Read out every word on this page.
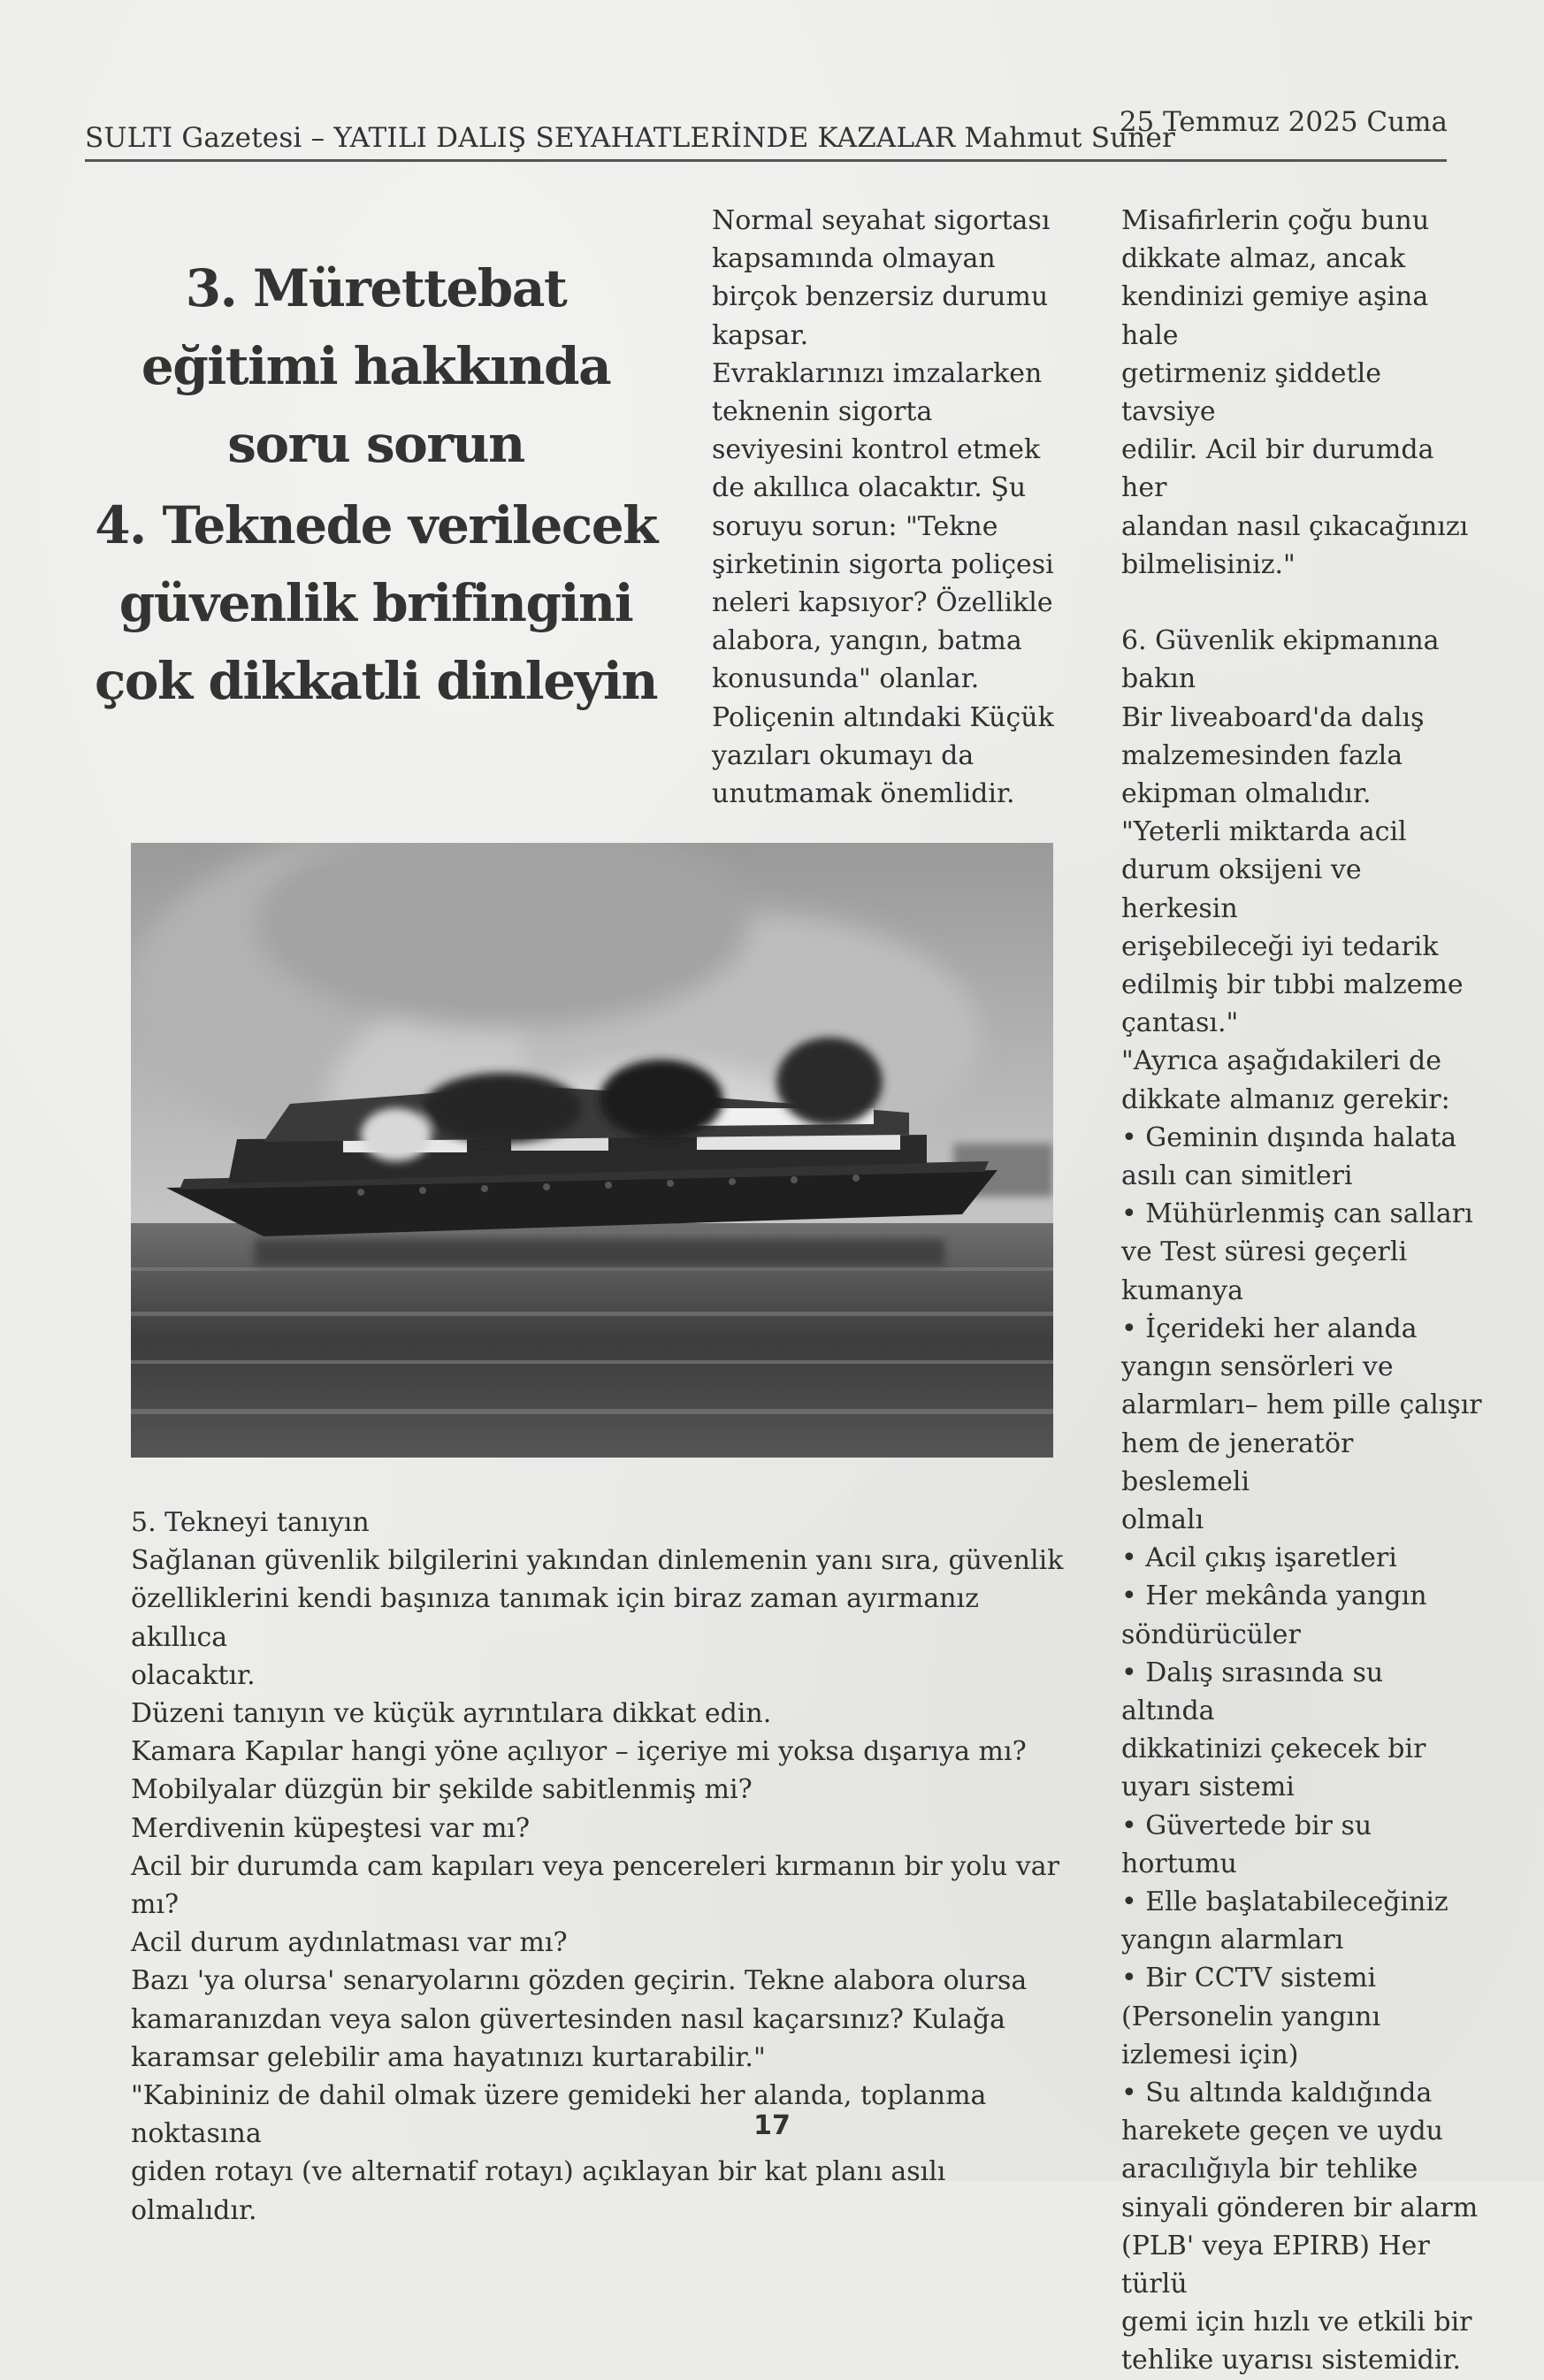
SULTI Gazetesi – YATILI DALIŞ SEYAHATLERİNDE KAZALAR Mahmut Suner
25 Temmuz 2025 Cuma
3. Mürettebat eğitimi hakkında soru sorun
4. Teknede verilecek güvenlik brifingini çok dikkatli dinleyin
Normal seyahat sigortası
kapsamında olmayan
birçok benzersiz durumu
kapsar.
Evraklarınızı imzalarken
teknenin sigorta
seviyesini kontrol etmek
de akıllıca olacaktır. Şu
soruyu sorun: "Tekne
şirketinin sigorta poliçesi
neleri kapsıyor? Özellikle
alabora, yangın, batma
konusunda" olanlar.
Poliçenin altındaki Küçük
yazıları okumayı da
unutmamak önemlidir.
Misafirlerin çoğu bunu
dikkate almaz, ancak
kendinizi gemiye aşina hale
getirmeniz şiddetle tavsiye
edilir. Acil bir durumda her
alandan nasıl çıkacağınızı
bilmelisiniz."

6. Güvenlik ekipmanına
bakın
Bir liveaboard'da dalış
malzemesinden fazla
ekipman olmalıdır.
"Yeterli miktarda acil
durum oksijeni ve herkesin
erişebileceği iyi tedarik
edilmiş bir tıbbi malzeme
çantası."
"Ayrıca aşağıdakileri de
dikkate almanız gerekir:
• Geminin dışında halata
asılı can simitleri
• Mühürlenmiş can salları
ve Test süresi geçerli
kumanya
• İçerideki her alanda
yangın sensörleri ve
alarmları– hem pille çalışır
hem de jeneratör beslemeli
olmalı
• Acil çıkış işaretleri
• Her mekânda yangın
söndürücüler
• Dalış sırasında su altında
dikkatinizi çekecek bir
uyarı sistemi
• Güvertede bir su hortumu
• Elle başlatabileceğiniz
yangın alarmları
• Bir CCTV sistemi
(Personelin yangını
izlemesi için)
• Su altında kaldığında
harekete geçen ve uydu
aracılığıyla bir tehlike
sinyali gönderen bir alarm
(PLB' veya EPIRB) Her türlü
gemi için hızlı ve etkili bir
tehlike uyarısı sistemidir.
5. Tekneyi tanıyın
Sağlanan güvenlik bilgilerini yakından dinlemenin yanı sıra, güvenlik
özelliklerini kendi başınıza tanımak için biraz zaman ayırmanız akıllıca
olacaktır.
Düzeni tanıyın ve küçük ayrıntılara dikkat edin.
Kamara Kapılar hangi yöne açılıyor – içeriye mi yoksa dışarıya mı?
Mobilyalar düzgün bir şekilde sabitlenmiş mi?
Merdivenin küpeştesi var mı?
Acil bir durumda cam kapıları veya pencereleri kırmanın bir yolu var mı?
Acil durum aydınlatması var mı?
Bazı 'ya olursa' senaryolarını gözden geçirin. Tekne alabora olursa
kamaranızdan veya salon güvertesinden nasıl kaçarsınız? Kulağa
karamsar gelebilir ama hayatınızı kurtarabilir."
"Kabininiz de dahil olmak üzere gemideki her alanda, toplanma noktasına
giden rotayı (ve alternatif rotayı) açıklayan bir kat planı asılı olmalıdır.
17
